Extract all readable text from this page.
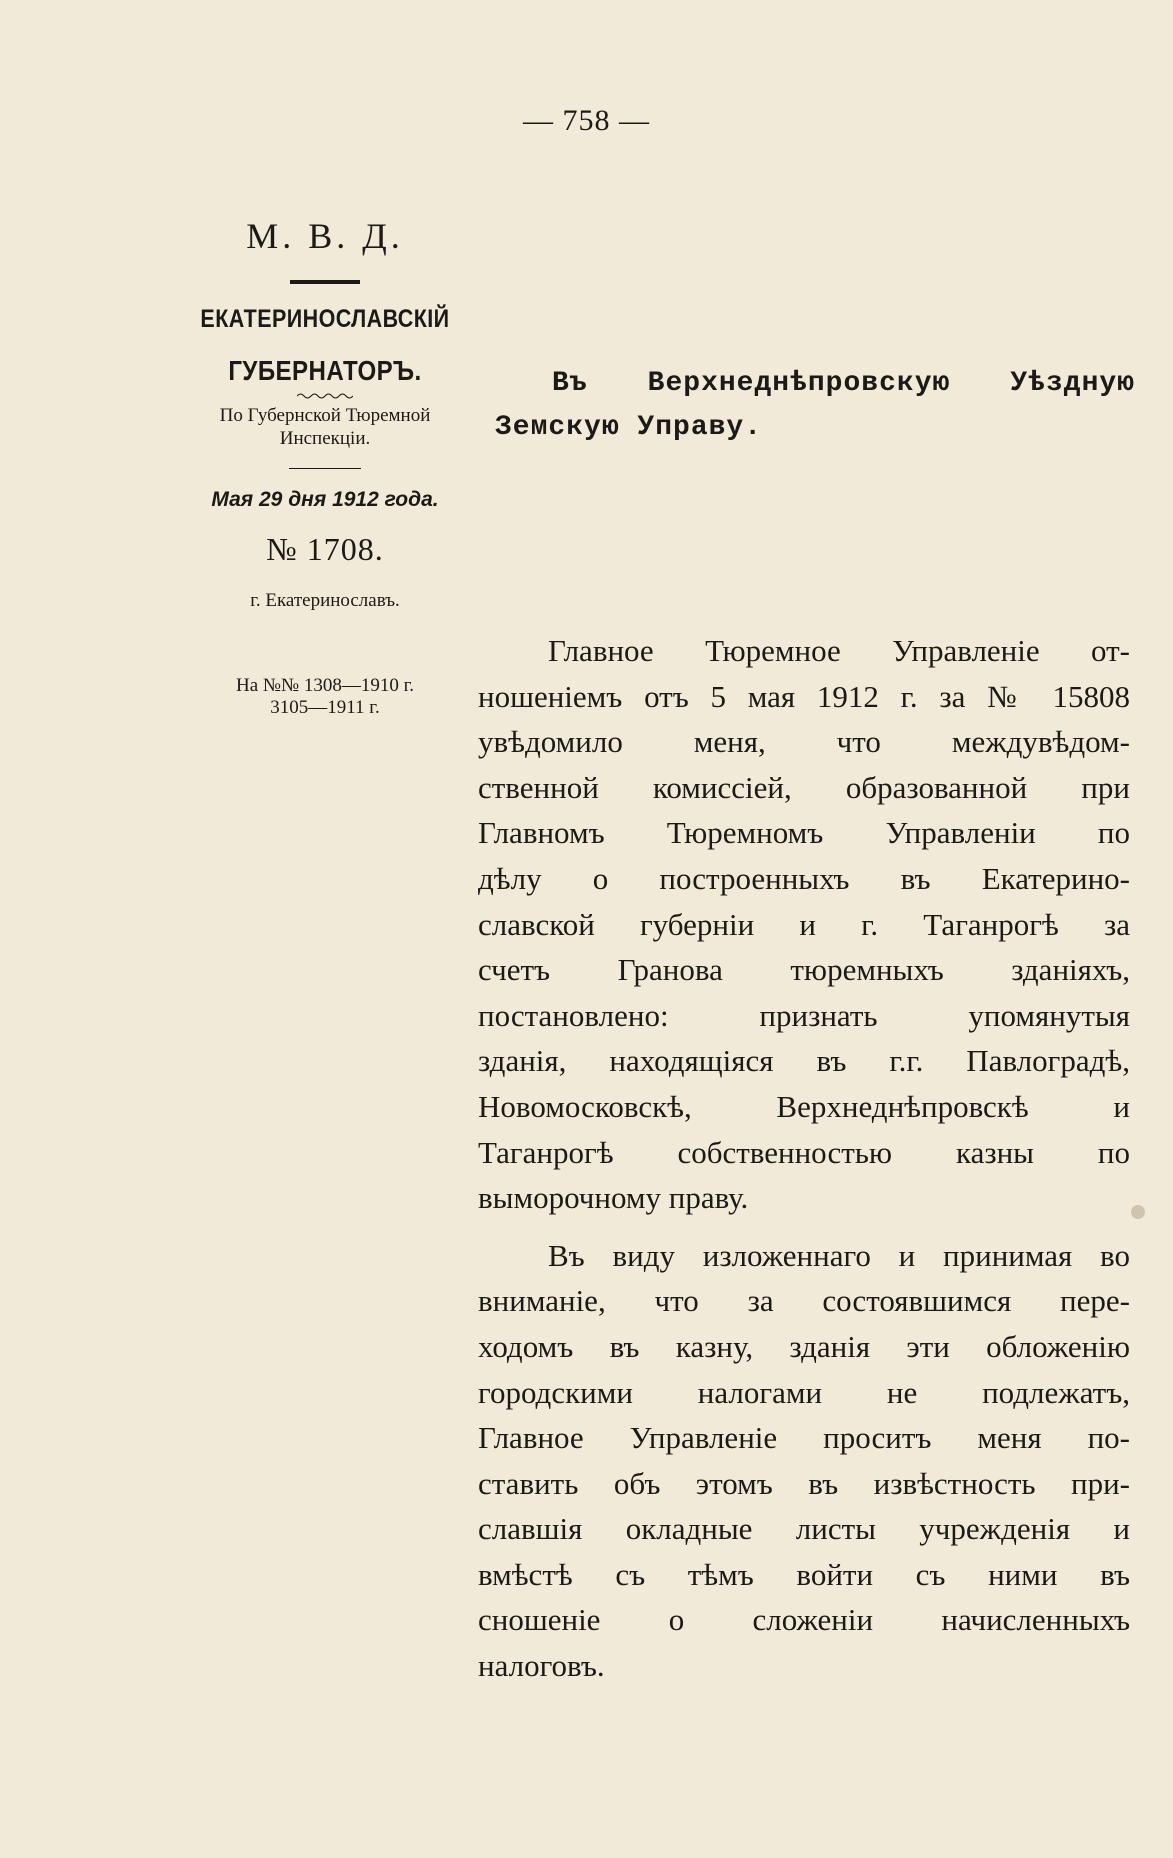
— 758 —

М. В. Д.

ЕКАТЕРИНОСЛАВСКІЙ
ГУБЕРНАТОРЪ.
По Губернской Тюремной
Инспекціи.
Мая 29 дня 1912 года.
№ 1708.
г. Екатеринославъ.
На №№ 1308—1910 г.
3105—1911 г.
Въ Верхнеднѣпровскую Уѣздную
Земскую Управу.
Главное Тюремное Управленіе от-
ношеніемъ отъ 5 мая 1912 г. за № 15808
увѣдомило меня, что междувѣдом-
ственной комиссіей, образованной при
Главномъ Тюремномъ Управленіи по
дѣлу о построенныхъ въ Екатерино-
славской губерніи и г. Таганрогѣ за
счетъ Гранова тюремныхъ зданіяхъ,
постановлено: признать упомянутыя
зданія, находящіяся въ г.г. Павлоградѣ,
Новомосковскѣ, Верхнеднѣпровскѣ и
Таганрогѣ собственностью казны по
выморочному праву.
Въ виду изложеннаго и принимая во
вниманіе, что за состоявшимся пере-
ходомъ въ казну, зданія эти обложенію
городскими налогами не подлежатъ,
Главное Управленіе проситъ меня по-
ставить объ этомъ въ извѣстность при-
славшія окладные листы учрежденія и
вмѣстѣ съ тѣмъ войти съ ними въ
сношеніе о сложеніи начисленныхъ
налоговъ.
